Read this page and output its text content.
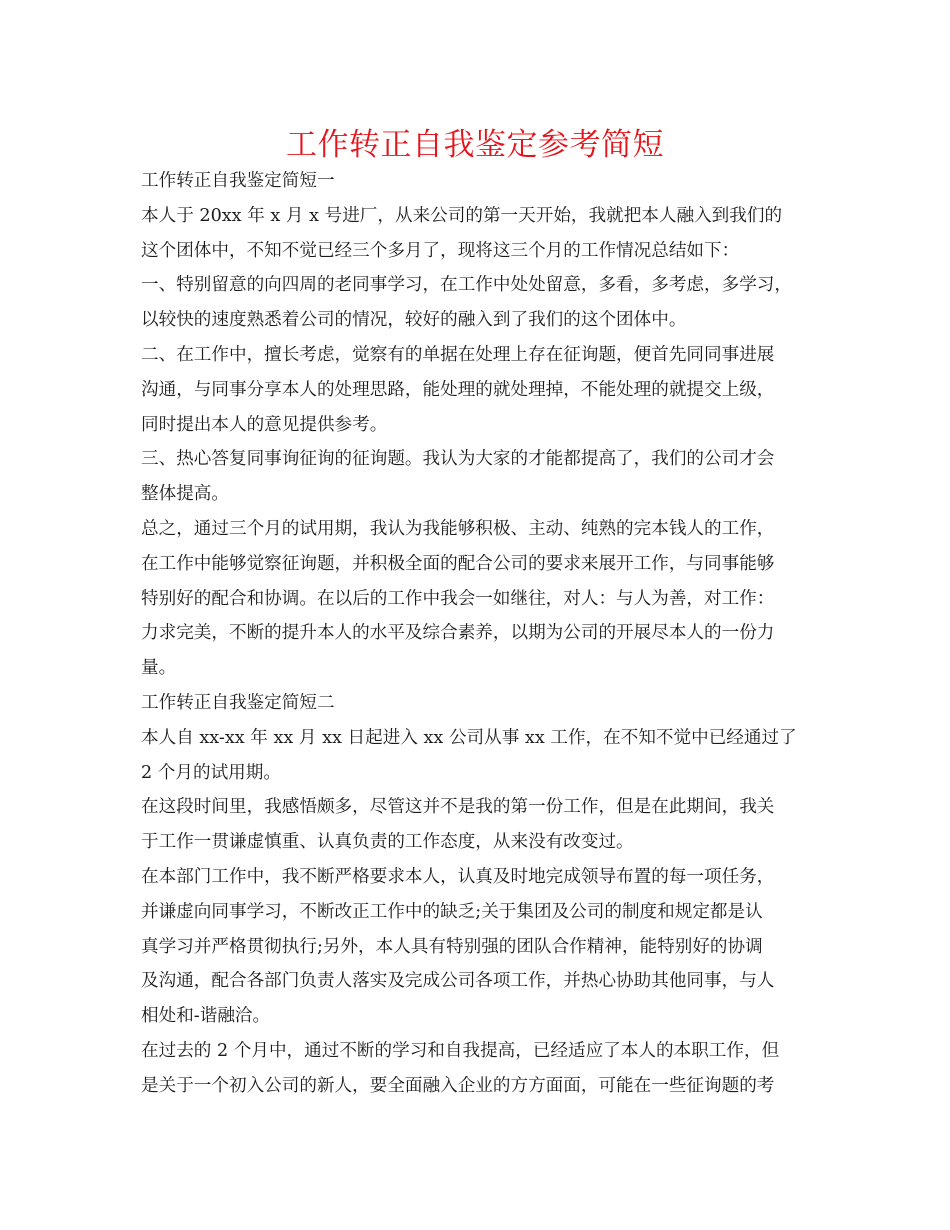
工作转正自我鉴定参考简短
工作转正自我鉴定简短一
本人于 20xx 年 x 月 x 号进厂，从来公司的第一天开始，我就把本人融入到我们的
这个团体中，不知不觉已经三个多月了，现将这三个月的工作情况总结如下：
一、特别留意的向四周的老同事学习，在工作中处处留意，多看，多考虑，多学习，
以较快的速度熟悉着公司的情况，较好的融入到了我们的这个团体中。
二、在工作中，擅长考虑，觉察有的单据在处理上存在征询题，便首先同同事进展
沟通，与同事分享本人的处理思路，能处理的就处理掉，不能处理的就提交上级，
同时提出本人的意见提供参考。
三、热心答复同事询征询的征询题。我认为大家的才能都提高了，我们的公司才会
整体提高。
总之，通过三个月的试用期，我认为我能够积极、主动、纯熟的完本钱人的工作，
在工作中能够觉察征询题，并积极全面的配合公司的要求来展开工作，与同事能够
特别好的配合和协调。在以后的工作中我会一如继往，对人：与人为善，对工作：
力求完美，不断的提升本人的水平及综合素养，以期为公司的开展尽本人的一份力
量。
工作转正自我鉴定简短二
本人自 xx-xx 年 xx 月 xx 日起进入 xx 公司从事 xx 工作，在不知不觉中已经通过了
2 个月的试用期。
在这段时间里，我感悟颇多，尽管这并不是我的第一份工作，但是在此期间，我关
于工作一贯谦虚慎重、认真负责的工作态度，从来没有改变过。
在本部门工作中，我不断严格要求本人，认真及时地完成领导布置的每一项任务，
并谦虚向同事学习，不断改正工作中的缺乏;关于集团及公司的制度和规定都是认
真学习并严格贯彻执行;另外，本人具有特别强的团队合作精神，能特别好的协调
及沟通，配合各部门负责人落实及完成公司各项工作，并热心协助其他同事，与人
相处和-谐融洽。
在过去的 2 个月中，通过不断的学习和自我提高，已经适应了本人的本职工作，但
是关于一个初入公司的新人，要全面融入企业的方方面面，可能在一些征询题的考
